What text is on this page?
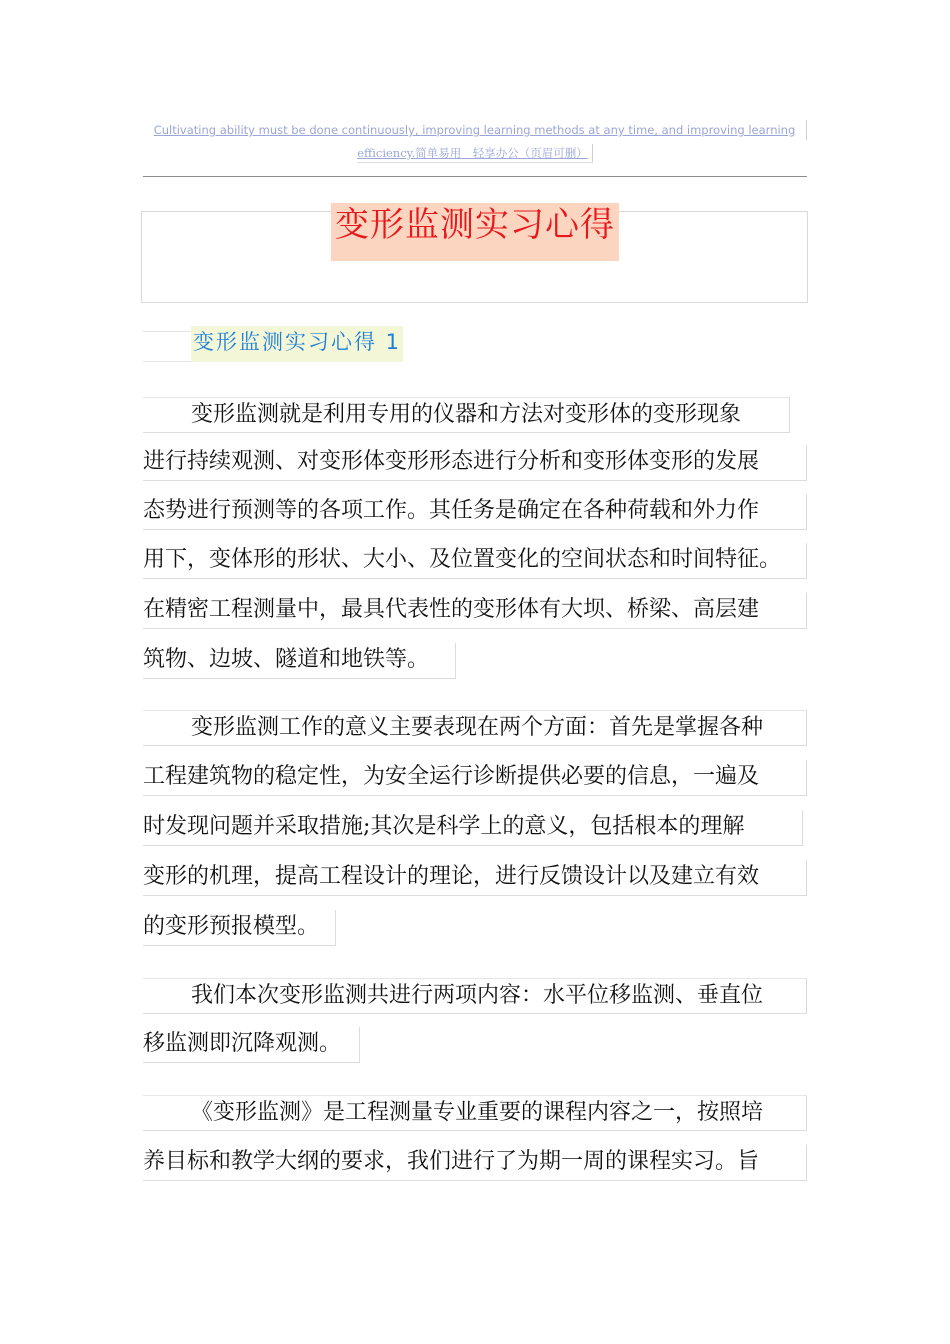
Cultivating ability must be done continuously, improving learning methods at any time, and improving learning
efficiency.简单易用　轻享办公（页眉可删）
变形监测实习心得
变形监测实习心得 1
变形监测就是利用专用的仪器和方法对变形体的变形现象
进行持续观测、对变形体变形形态进行分析和变形体变形的发展
态势进行预测等的各项工作。其任务是确定在各种荷载和外力作
用下，变体形的形状、大小、及位置变化的空间状态和时间特征。
在精密工程测量中，最具代表性的变形体有大坝、桥梁、高层建
筑物、边坡、隧道和地铁等。
变形监测工作的意义主要表现在两个方面：首先是掌握各种
工程建筑物的稳定性，为安全运行诊断提供必要的信息，一遍及
时发现问题并采取措施;其次是科学上的意义，包括根本的理解
变形的机理，提高工程设计的理论，进行反馈设计以及建立有效
的变形预报模型。
我们本次变形监测共进行两项内容：水平位移监测、垂直位
移监测即沉降观测。
《变形监测》是工程测量专业重要的课程内容之一，按照培
养目标和教学大纲的要求，我们进行了为期一周的课程实习。旨
